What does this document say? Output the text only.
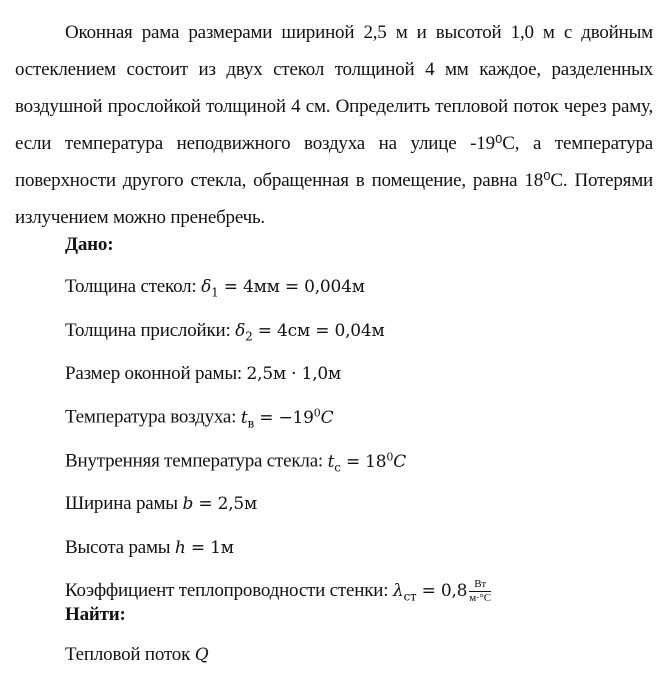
Оконная рама размерами шириной 2,5 м и высотой 1,0 м с двойным остеклением состоит из двух стекол толщиной 4 мм каждое, разделенных воздушной прослойкой толщиной 4 см. Определить тепловой поток через раму, если температура неподвижного воздуха на улице -19⁰С, а температура поверхности другого стекла, обращенная в помещение, равна 18⁰С. Потерями излучением можно пренебречь.
Дано:
Толщина стекол: $\delta_1 = 4мм = 0,004м$
Толщина прислойки: $\delta_2 = 4см = 0,04м$
Размер оконной рамы: 2,5м · 1,0м
Температура воздуха: $t_в = -19^0C$
Внутренняя температура стекла: $t_с = 18^0C$
Ширина рамы b = 2,5м
Высота рамы h = 1м
Коэффициент теплопроводности стенки: $\lambda_{ст} = 0,8 \frac{Вт}{м\cdot^\circ С}$
Найти:
Тепловой поток Q
